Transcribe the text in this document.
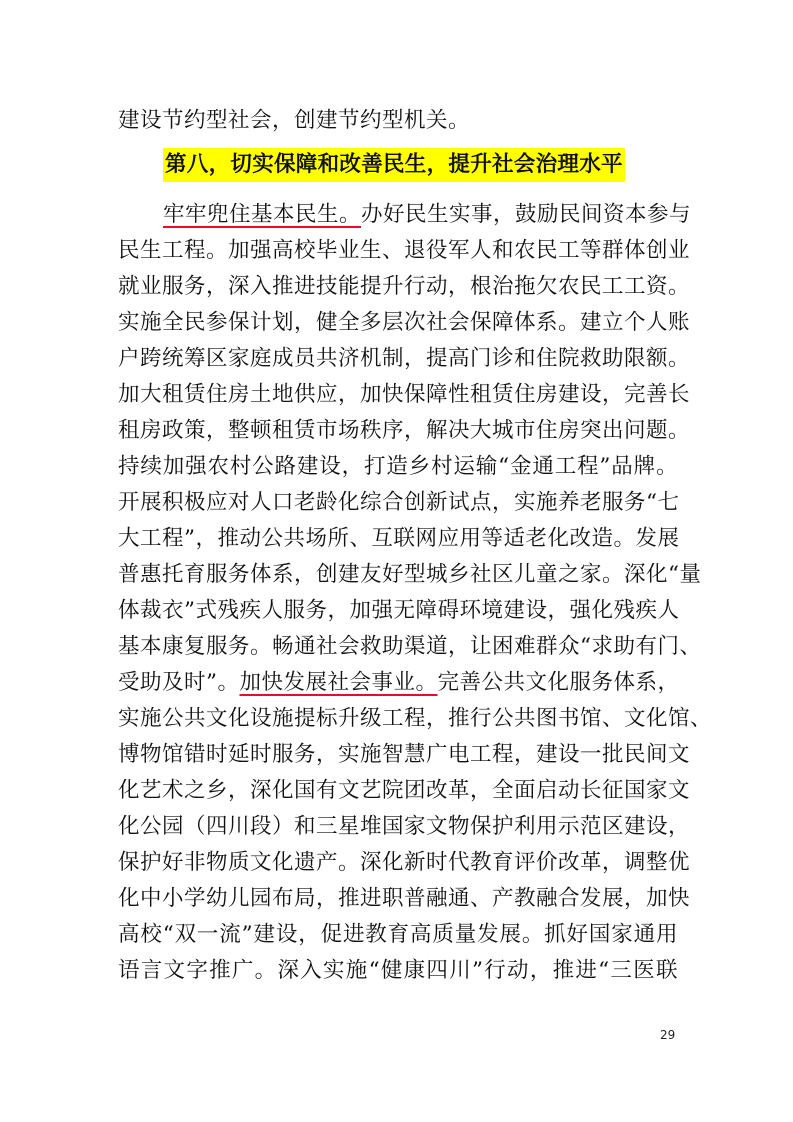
建设节约型社会，创建节约型机关。
第八，切实保障和改善民生，提升社会治理水平
牢牢兜住基本民生。办好民生实事，鼓励民间资本参与
民生工程。加强高校毕业生、退役军人和农民工等群体创业
就业服务，深入推进技能提升行动，根治拖欠农民工工资。
实施全民参保计划，健全多层次社会保障体系。建立个人账
户跨统筹区家庭成员共济机制，提高门诊和住院救助限额。
加大租赁住房土地供应，加快保障性租赁住房建设，完善长
租房政策，整顿租赁市场秩序，解决大城市住房突出问题。
持续加强农村公路建设，打造乡村运输“金通工程”品牌。
开展积极应对人口老龄化综合创新试点，实施养老服务“七
大工程”，推动公共场所、互联网应用等适老化改造。发展
普惠托育服务体系，创建友好型城乡社区儿童之家。深化“量
体裁衣”式残疾人服务，加强无障碍环境建设，强化残疾人
基本康复服务。畅通社会救助渠道，让困难群众“求助有门、
受助及时”。加快发展社会事业。完善公共文化服务体系，
实施公共文化设施提标升级工程，推行公共图书馆、文化馆、
博物馆错时延时服务，实施智慧广电工程，建设一批民间文
化艺术之乡，深化国有文艺院团改革，全面启动长征国家文
化公园（四川段）和三星堆国家文物保护利用示范区建设，
保护好非物质文化遗产。深化新时代教育评价改革，调整优
化中小学幼儿园布局，推进职普融通、产教融合发展，加快
高校“双一流”建设，促进教育高质量发展。抓好国家通用
语言文字推广。深入实施“健康四川”行动，推进“三医联
29
